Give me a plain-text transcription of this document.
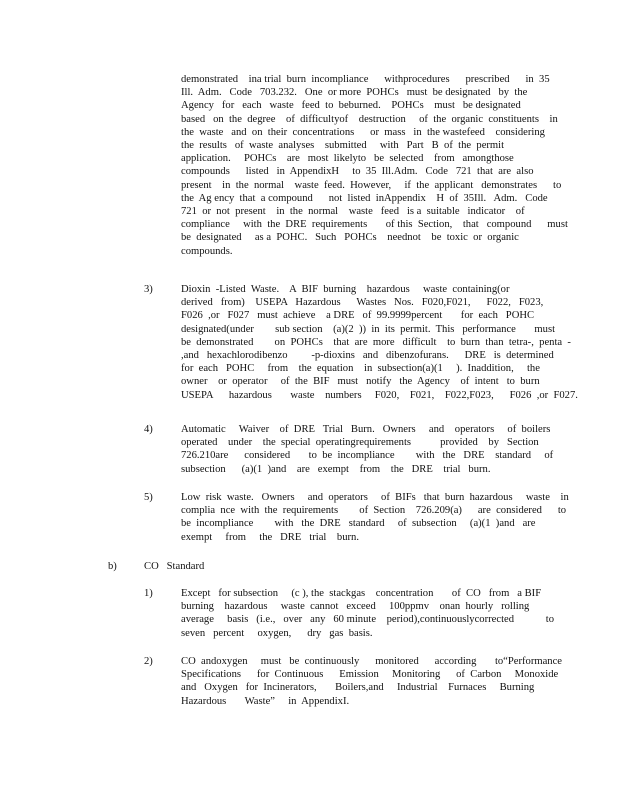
demonstrated    ina trial  burn  incompliance      withprocedures      prescribed      in  35
Ill.  Adm.   Code   703.232.   One  or more  POHCs   must  be designated   by  the
Agency   for   each   waste   feed  to  beburned.    POHCs    must   be designated
based   on  the  degree    of  difficultyof    destruction     of  the  organic  constituents    in
the  waste   and  on  their  concentrations      or  mass   in  the wastefeed    considering
the  results   of  waste  analyses    submitted     with   Part   B  of  the  permit
application.     POHCs    are   most  likelyto   be  selected    from   amongthose
compounds      listed   in  AppendixH     to  35  Ill.Adm.   Code   721  that  are  also
present    in  the  normal    waste  feed.  However,     if  the  applicant   demonstrates      to
the  Ag ency  that  a compound      not  listed  inAppendix    H  of  35Ill.   Adm.   Code
721  or  not  present    in  the  normal    waste   feed   is a  suitable   indicator    of
compliance     with  the  DRE  requirements       of this  Section,    that   compound      must
be  designated     as a  POHC.   Such   POHCs    neednot    be  toxic  or  organic
compounds.
3)	Dioxin  -Listed  Waste.    A  BIF  burning    hazardous     waste  containing(or
derived   from)    USEPA   Hazardous      Wastes   Nos.   F020,F021,      F022,   F023,
F026  ,or   F027   must  achieve    a DRE   of  99.9999percent       for  each   POHC
designated(under        sub section    (a)(2  ))  in  its  permit.  This   performance       must
be  demonstrated        on  POHCs    that  are  more   difficult    to  burn  than  tetra-,  penta  -
,and   hexachlorodibenzo         -p-dioxins   and   dibenzofurans.      DRE   is  determined
for  each   POHC     from    the  equation    in  subsection(a)(1     ).  Inaddition,     the
owner    or  operator     of  the  BIF   must   notify   the  Agency    of  intent   to  burn
USEPA      hazardous       waste    numbers     F020,    F021,    F022,F023,      F026  ,or  F027.
4)	Automatic     Waiver    of  DRE   Trial   Burn.   Owners     and    operators     of  boilers
operated    under    the  special  operatingrequirements           provided    by   Section
726.210are      considered       to  be  incompliance        with   the   DRE    standard     of
subsection      (a)(1  )and    are   exempt    from    the   DRE    trial   burn.
5)	Low  risk  waste.   Owners     and  operators     of  BIFs   that  burn  hazardous     waste    in
complia  nce  with  the  requirements        of  Section    726.209(a)      are  considered      to
be  incompliance        with   the  DRE   standard     of  subsection     (a)(1  )and   are
exempt     from     the   DRE   trial    burn.
b)	CO   Standard
1)	Except   for subsection     (c ), the  stackgas    concentration       of  CO   from   a BIF
burning    hazardous     waste  cannot   exceed     100ppmv    onan  hourly   rolling
average     basis   (i.e.,   over   any   60 minute    period),continuouslycorrected            to
seven   percent     oxygen,      dry   gas  basis.
2)	CO  andoxygen     must   be  continuously      monitored      according       to“Performance
Specifications      for  Continuous      Emission     Monitoring      of  Carbon     Monoxide
and   Oxygen   for  Incinerators,       Boilers,and     Industrial    Furnaces     Burning
Hazardous       Waste”     in  AppendixI.
